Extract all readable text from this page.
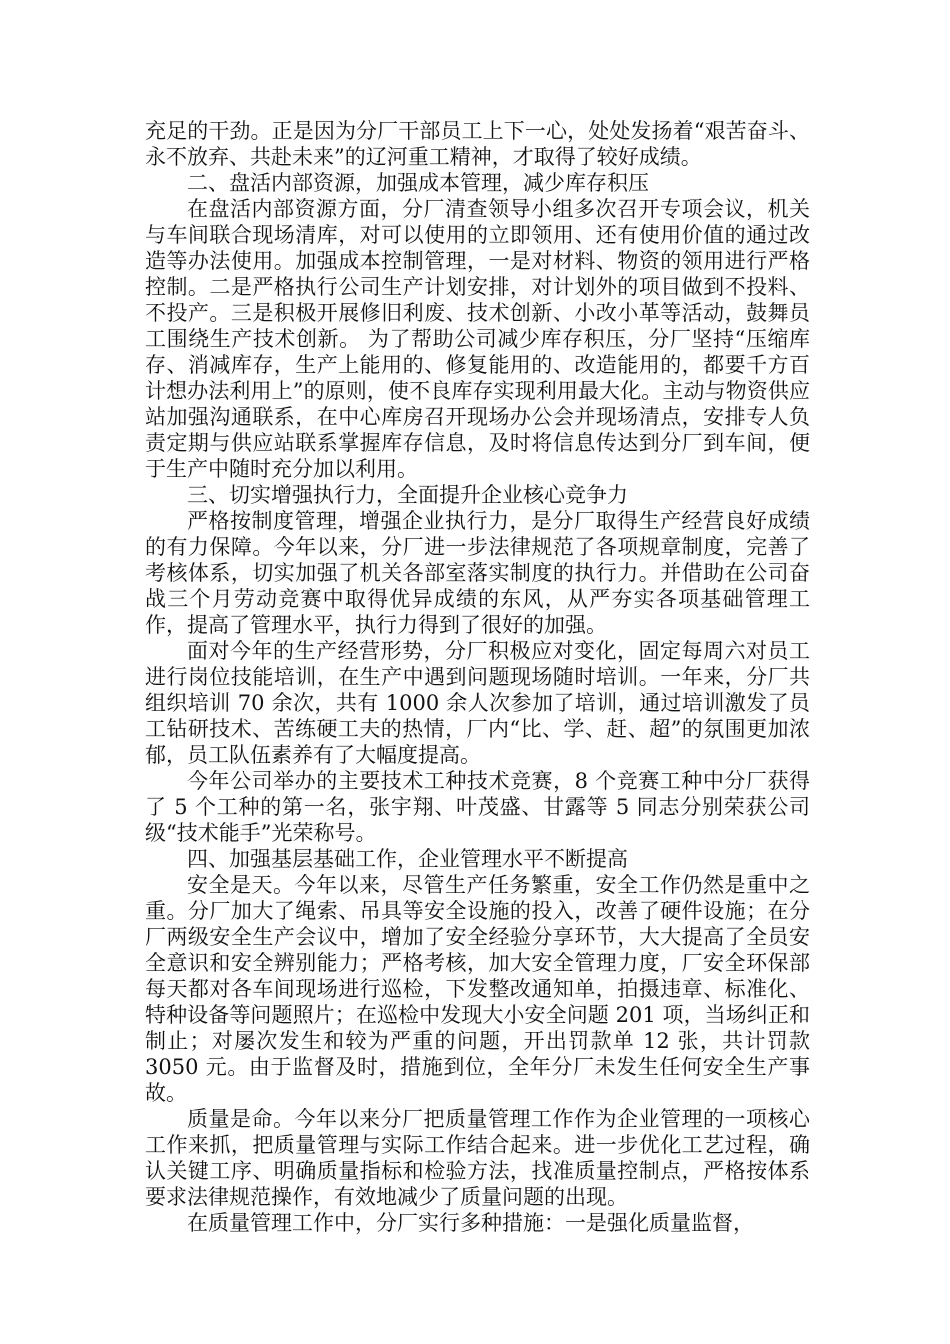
充足的干劲。正是因为分厂干部员工上下一心，处处发扬着“艰苦奋斗、永不放弃、共赴未来”的辽河重工精神，才取得了较好成绩。

二、盘活内部资源，加强成本管理，减少库存积压

在盘活内部资源方面，分厂清查领导小组多次召开专项会议，机关与车间联合现场清库，对可以使用的立即领用、还有使用价值的通过改造等办法使用。加强成本控制管理，一是对材料、物资的领用进行严格控制。二是严格执行公司生产计划安排，对计划外的项目做到不投料、不投产。三是积极开展修旧利废、技术创新、小改小革等活动，鼓舞员工围绕生产技术创新。 为了帮助公司减少库存积压，分厂坚持“压缩库存、消减库存，生产上能用的、修复能用的、改造能用的，都要千方百计想办法利用上”的原则，使不良库存实现利用最大化。主动与物资供应站加强沟通联系，在中心库房召开现场办公会并现场清点，安排专人负责定期与供应站联系掌握库存信息，及时将信息传达到分厂到车间，便于生产中随时充分加以利用。

三、切实增强执行力，全面提升企业核心竞争力

严格按制度管理，增强企业执行力，是分厂取得生产经营良好成绩的有力保障。今年以来，分厂进一步法律规范了各项规章制度，完善了考核体系，切实加强了机关各部室落实制度的执行力。并借助在公司奋战三个月劳动竞赛中取得优异成绩的东风，从严夯实各项基础管理工作，提高了管理水平，执行力得到了很好的加强。

面对今年的生产经营形势，分厂积极应对变化，固定每周六对员工进行岗位技能培训，在生产中遇到问题现场随时培训。一年来，分厂共组织培训 70 余次，共有 1000 余人次参加了培训，通过培训激发了员工钻研技术、苦练硬工夫的热情，厂内“比、学、赶、超”的氛围更加浓郁，员工队伍素养有了大幅度提高。

今年公司举办的主要技术工种技术竞赛，8 个竞赛工种中分厂获得了 5 个工种的第一名，张宇翔、叶茂盛、甘露等 5 同志分别荣获公司级“技术能手”光荣称号。

四、加强基层基础工作，企业管理水平不断提高

安全是天。今年以来，尽管生产任务繁重，安全工作仍然是重中之重。分厂加大了绳索、吊具等安全设施的投入，改善了硬件设施；在分厂两级安全生产会议中，增加了安全经验分享环节，大大提高了全员安全意识和安全辨别能力；严格考核，加大安全管理力度，厂安全环保部每天都对各车间现场进行巡检，下发整改通知单，拍摄违章、标准化、特种设备等问题照片；在巡检中发现大小安全问题 201 项，当场纠正和制止；对屡次发生和较为严重的问题，开出罚款单 12 张，共计罚款 3050 元。由于监督及时，措施到位，全年分厂未发生任何安全生产事故。

质量是命。今年以来分厂把质量管理工作作为企业管理的一项核心工作来抓，把质量管理与实际工作结合起来。进一步优化工艺过程，确认关键工序、明确质量指标和检验方法，找准质量控制点，严格按体系要求法律规范操作，有效地减少了质量问题的出现。

在质量管理工作中，分厂实行多种措施：一是强化质量监督，
